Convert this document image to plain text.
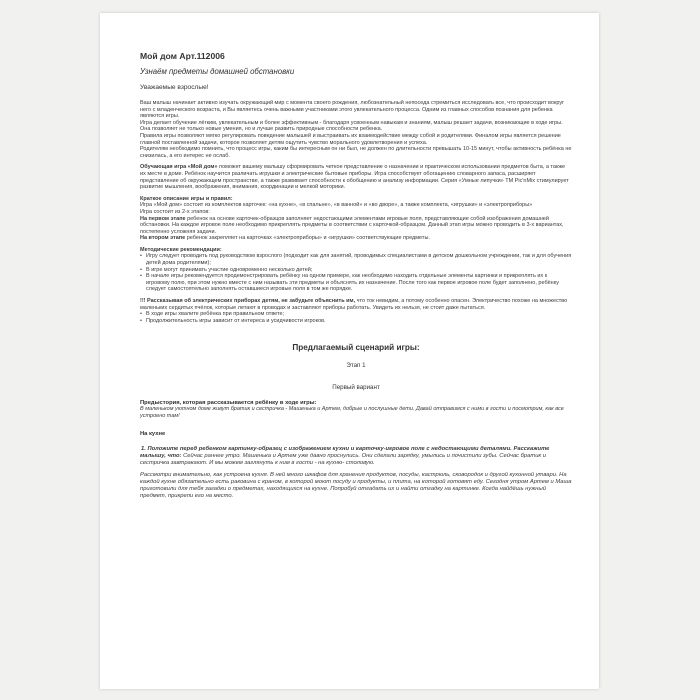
Мой дом Арт.112006
Узнаём предметы домашней обстановки
Уважаемые взрослые!

Ваш малыш начинает активно изучать окружающий мир с момента своего рождения, любознательный непоседа стремиться исследовать все, что происходит вокруг него с младенческого возраста, и Вы являетесь очень важными участниками этого увлекательного процесса. Одним из главных способов познания для ребенка являются игры.

Игра делает обучение лёгким, увлекательным и более эффективным - благодаря усвоенным навыкам и знаниям, малыш решает задачи, возникающие в ходе игры. Она позволяет не только новые умения, но и лучше развить природные способности ребенка.

Правила игры позволяют мягко регулировать поведение малышей и выстраивать их взаимодействие между собой и родителями. Финалом игры является решение главной поставленной задачи, которое позволяет детям ощутить чувство морального удовлетворения и успеха.

Родителям необходимо помнить, что процесс игры, каким бы интересным он ни был, не должен по длительности превышать 10-15 минут, чтобы активность ребёнка не снизилась, а его интерес не ослаб.

Обучающая игра «Мой дом» поможет вашему малышу сформировать четкое представление о назначении и практическом использовании предметов быта, а также их месте в доме. Ребёнок научится различать игрушки и электрические бытовые приборы. Игра способствует обогащению словарного запаса, расширяет представление об окружающем пространстве, а также развивает способности к обобщению и анализу информации. Серия «Умные липучки» ТМ Pic'nMix стимулирует развитие мышления, воображения, внимания, координации и мелкой моторики.

Краткое описание игры и правил:

Игра «Мой дом» состоит из комплектов карточек: «на кухне», «в спальне», «в ванной» и «во дворе», а также комплекта, «игрушки» и «электроприборы»

Игра состоит из 2-х этапов:

На первом этапе ребенок на основе карточек-образцов заполняет недостающими элементами игровые поля, представляющие собой изображения домашней обстановки. На каждое игровое поле необходимо прикреплять предметы в соответствии с карточкой-образцом. Данный этап игры можно проводить в 3-х вариантах, постепенно усложняя задачи.

На втором этапе ребенок закрепляет на карточках «электроприборы» и «игрушки» соответствующие предметы.

Методические рекомендации:

• Игру следует проводить под руководством взрослого (подходит как для занятий, проводимых специалистами в детском дошкольном учреждении, так и для обучения детей дома родителями);
• В игре могут принимать участие одновременно несколько детей;
• В начале игры рекомендуется продемонстрировать ребёнку на одном примере, как необходимо находить отдельные элементы картинки и прикреплять их к игровому полю, при этом нужно вместе с ним называть эти предметы и объяснять их назначение. После того как первое игровое поле будет заполнено, ребёнку следует самостоятельно заполнять оставшиеся игровые поля в том же порядке.

!!! Рассказывая об электрических приборах детям, не забудьте объяснить им, что ток невидим, а потому особенно опасен. Электричество похоже на множество маленьких сердитых пчёлок, которые летают в проводах и заставляют приборы работать. Увидеть их нельзя, не стоит даже пытаться.

• В ходе игры хвалите ребёнка при правильном ответе;
• Продолжительность игры зависит от интереса и усидчивости игроков.
Предлагаемый сценарий игры:
Этап 1
Первый вариант
Предыстория, которая рассказывается ребёнку в ходе игры:

В маленьком уютном доме живут братик и сестричка - Машенька и Артем, добрые и послушные дети. Давай отправимся с ними в гости и посмотрим, как все устроено там!

На кухне
1. Положите перед ребенком картинку-образец с изображением кухни и карточку-игровое поле с недостающими деталями. Расскажите малышу, что: Сейчас раннее утро. Машенька и Артем уже давно проснулись. Они сделали зарядку, умылись и почистили зубы. Сейчас братик и сестричка завтракают. И мы можем заглянуть к ним в гости - на кухню- столовую.
Рассмотри внимательно, как устроена кухня. В ней много шкафов для хранения продуктов, посуды, кастрюль, сковородок и другой кухонной утвари. На каждой кухне обязательно есть раковина с краном, в которой моют посуду и продукты, и плита, на которой готовят еду. Сегодня утром Артем и Маша приготовили для тебя загадки о предметах, находящихся на кухне. Попробуй отгадать их и найти отгадку на картинке. Когда найдёшь нужный предмет, прикрепи его на место.
